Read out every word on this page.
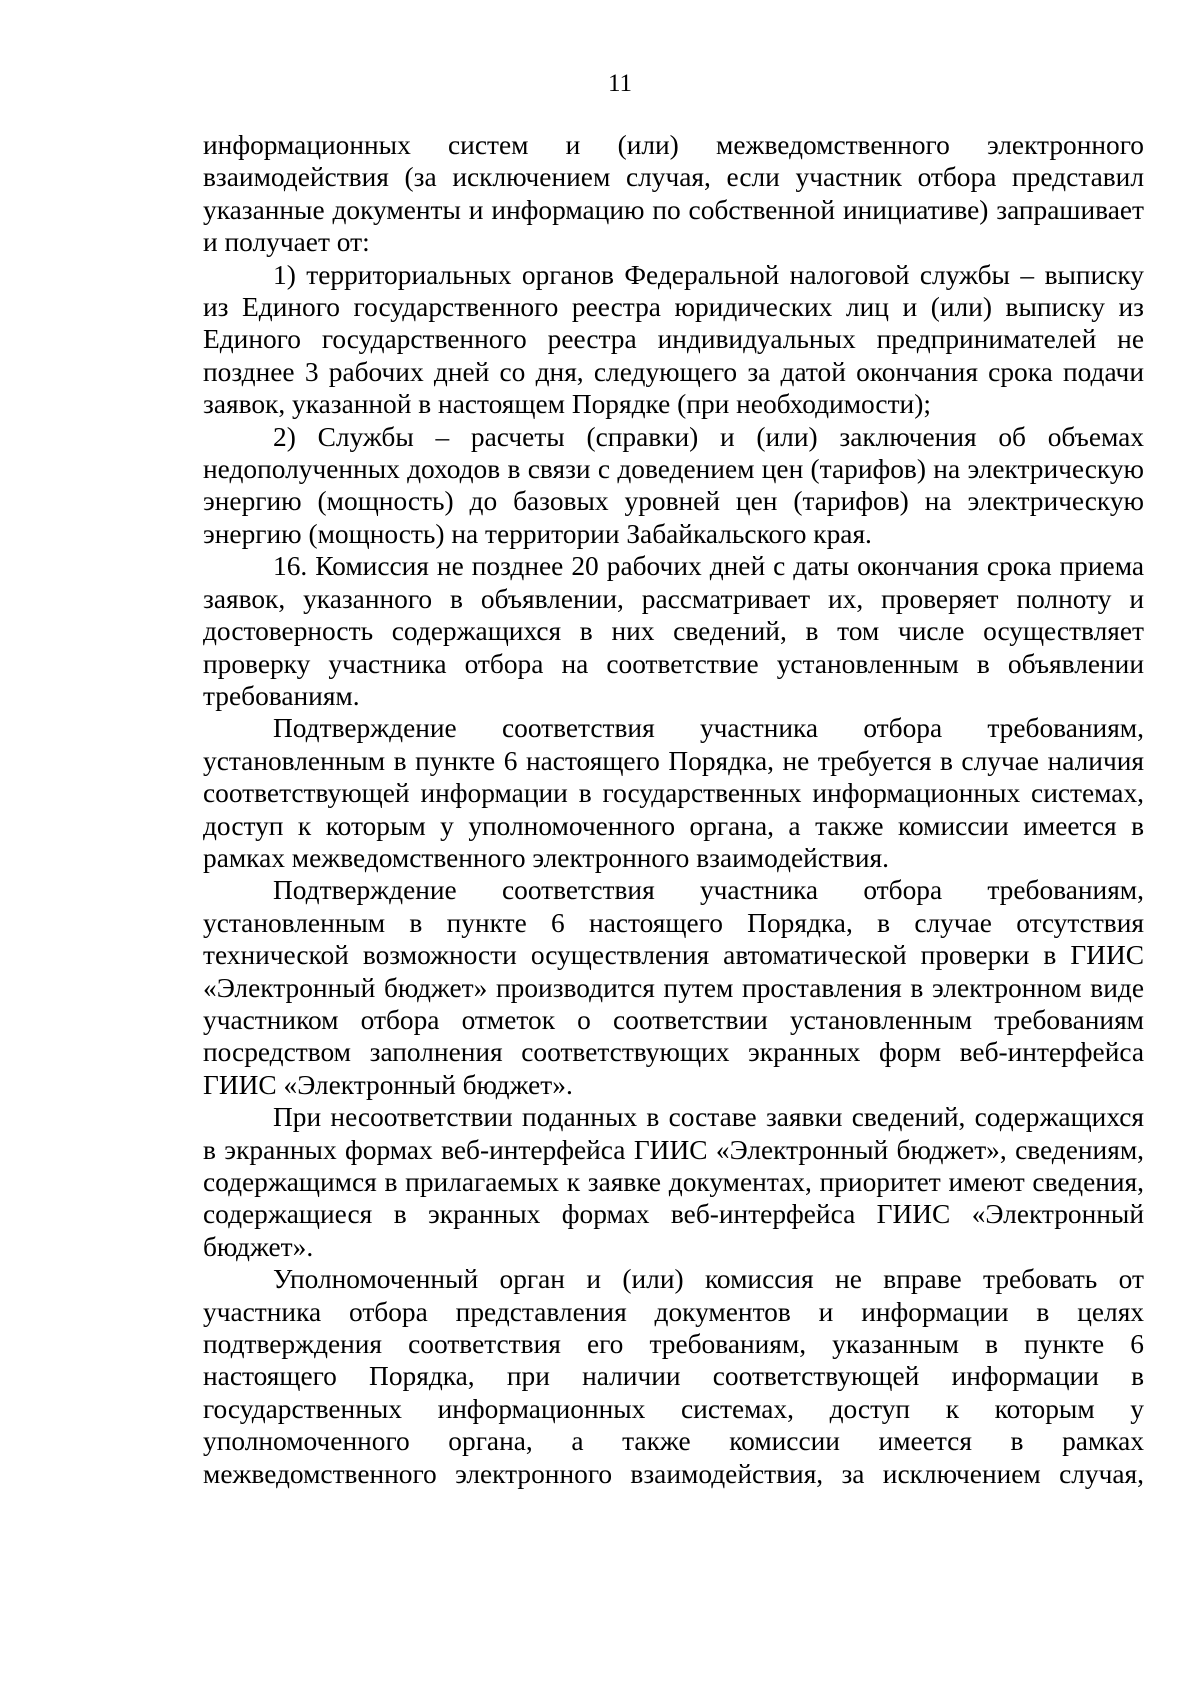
11

информационных систем и (или) межведомственного электронного взаимодействия (за исключением случая, если участник отбора представил указанные документы и информацию по собственной инициативе) запрашивает и получает от:

1) территориальных органов Федеральной налоговой службы – выписку из Единого государственного реестра юридических лиц и (или) выписку из Единого государственного реестра индивидуальных предпринимателей не позднее 3 рабочих дней со дня, следующего за датой окончания срока подачи заявок, указанной в настоящем Порядке (при необходимости);

2) Службы – расчеты (справки) и (или) заключения об объемах недополученных доходов в связи с доведением цен (тарифов) на электрическую энергию (мощность) до базовых уровней цен (тарифов) на электрическую энергию (мощность) на территории Забайкальского края.

16. Комиссия не позднее 20 рабочих дней с даты окончания срока приема заявок, указанного в объявлении, рассматривает их, проверяет полноту и достоверность содержащихся в них сведений, в том числе осуществляет проверку участника отбора на соответствие установленным в объявлении требованиям.

Подтверждение соответствия участника отбора требованиям, установленным в пункте 6 настоящего Порядка, не требуется в случае наличия соответствующей информации в государственных информационных системах, доступ к которым у уполномоченного органа, а также комиссии имеется в рамках межведомственного электронного взаимодействия.

Подтверждение соответствия участника отбора требованиям, установленным в пункте 6 настоящего Порядка, в случае отсутствия технической возможности осуществления автоматической проверки в ГИИС «Электронный бюджет» производится путем проставления в электронном виде участником отбора отметок о соответствии установленным требованиям посредством заполнения соответствующих экранных форм веб-интерфейса ГИИС «Электронный бюджет».

При несоответствии поданных в составе заявки сведений, содержащихся в экранных формах веб-интерфейса ГИИС «Электронный бюджет», сведениям, содержащимся в прилагаемых к заявке документах, приоритет имеют сведения, содержащиеся в экранных формах веб-интерфейса ГИИС «Электронный бюджет».

Уполномоченный орган и (или) комиссия не вправе требовать от участника отбора представления документов и информации в целях подтверждения соответствия его требованиям, указанным в пункте 6 настоящего Порядка, при наличии соответствующей информации в государственных информационных системах, доступ к которым у уполномоченного органа, а также комиссии имеется в рамках межведомственного электронного взаимодействия, за исключением случая,
